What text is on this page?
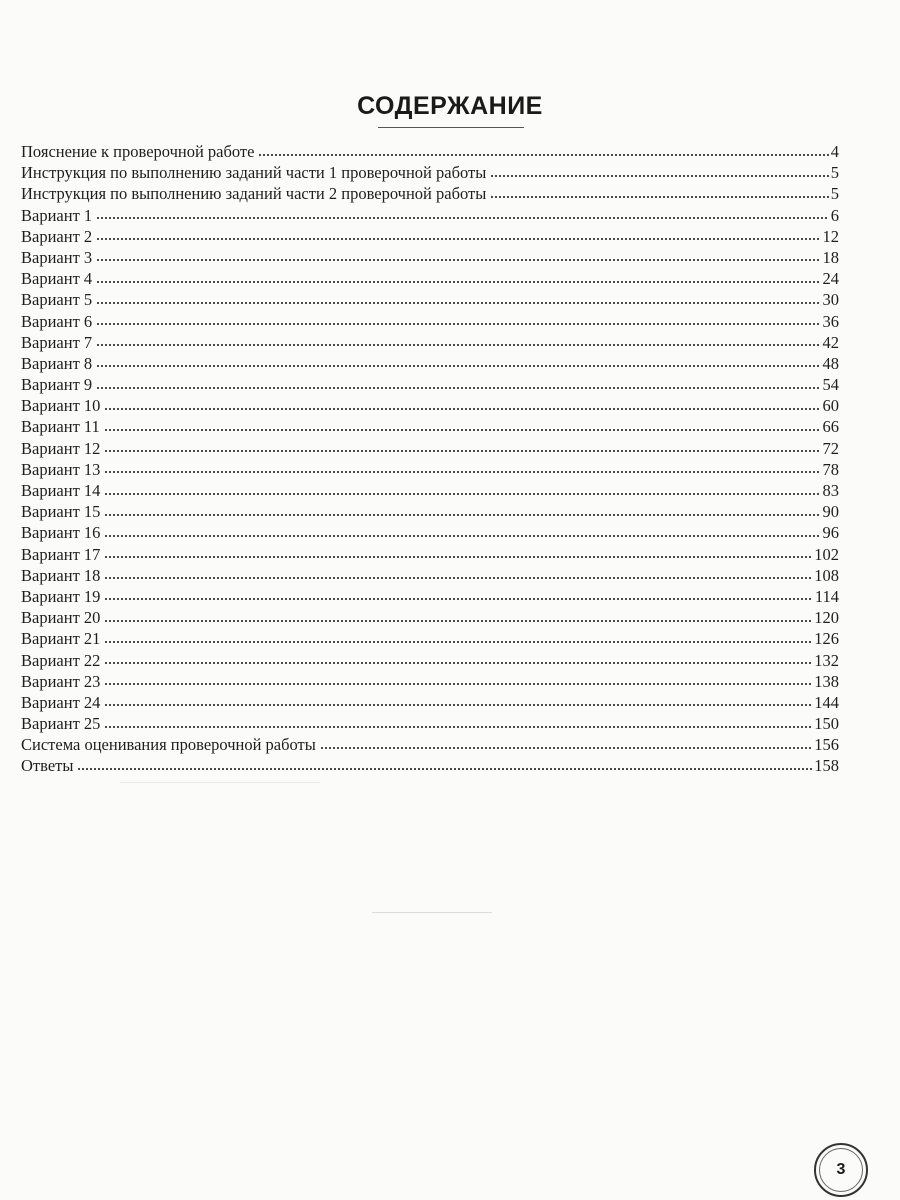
СОДЕРЖАНИЕ
Пояснение к проверочной работе	4
Инструкция по выполнению заданий части 1 проверочной работы	5
Инструкция по выполнению заданий части 2 проверочной работы	5
Вариант 1	6
Вариант 2	12
Вариант 3	18
Вариант 4	24
Вариант 5	30
Вариант 6	36
Вариант 7	42
Вариант 8	48
Вариант 9	54
Вариант 10	60
Вариант 11	66
Вариант 12	72
Вариант 13	78
Вариант 14	83
Вариант 15	90
Вариант 16	96
Вариант 17	102
Вариант 18	108
Вариант 19	114
Вариант 20	120
Вариант 21	126
Вариант 22	132
Вариант 23	138
Вариант 24	144
Вариант 25	150
Система оценивания проверочной работы	156
Ответы	158
3
